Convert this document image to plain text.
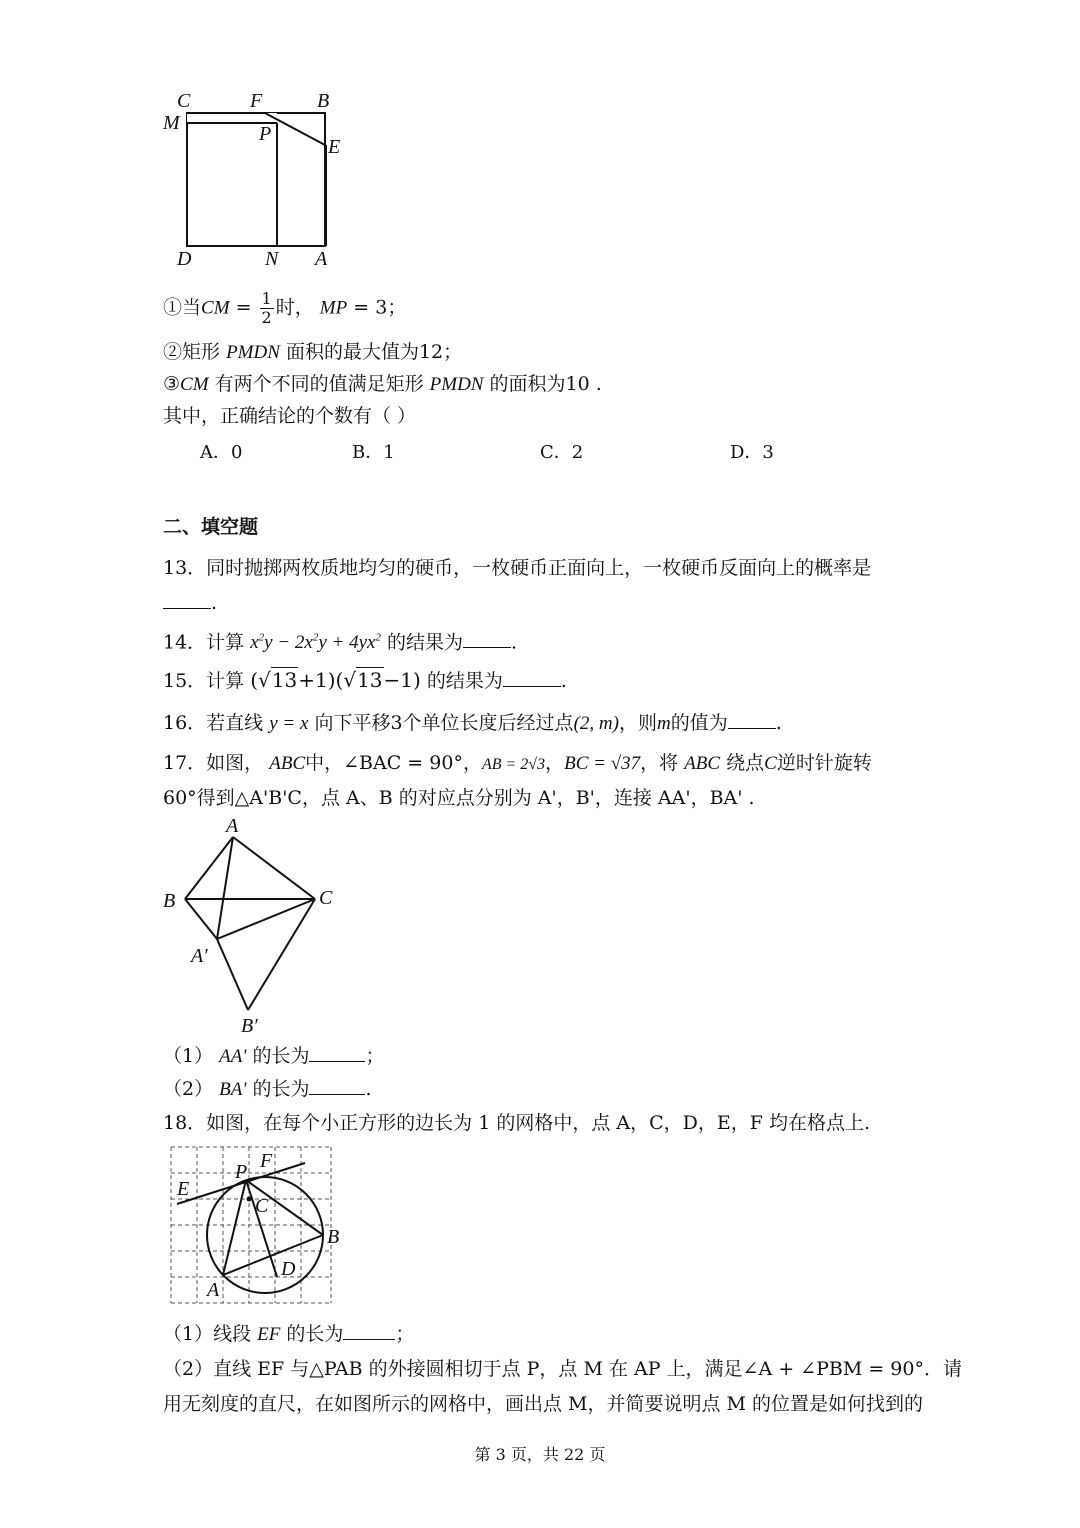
C	F	B
M	P
E
D	N A
①当CM = $\frac{1}{2}$ 时， MP = 3；
②矩形 PMDN 面积的最大值为12；
③CM 有两个不同的值满足矩形 PMDN 的面积为10 .
其中，正确结论的个数有（ ）
A．0	B．1	C．2	D．3
二、填空题
13．同时抛掷两枚质地均匀的硬币，一枚硬币正面向上，一枚硬币反面向上的概率是
.
14．计算 $x^2y - 2x^2y + 4yx^2$ 的结果为	.
15．计算 (√13+1)(√13−1) 的结果为	.
16．若直线 y = x 向下平移3个单位长度后经过点(2, m)，则m的值为	.
17．如图， ABC中，∠BAC = 90°，AB = 2√3，BC = √37，将 ABC 绕点C逆时针旋转
60°得到△A'B'C，点 A、B 的对应点分别为 A'，B'，连接 AA'，BA' .
A
B	C
A′
B′
（1） AA' 的长为	；
（2） BA' 的长为	.
18．如图，在每个小正方形的边长为 1 的网格中，点 A，C，D，E，F 均在格点上.
P F
E
C
B
D
A
（1）线段 EF 的长为	；
（2）直线 EF 与△PAB 的外接圆相切于点 P，点 M 在 AP 上，满足∠A + ∠PBM = 90°．请
用无刻度的直尺，在如图所示的网格中，画出点 M，并简要说明点 M 的位置是如何找到的
第 3 页，共 22 页
